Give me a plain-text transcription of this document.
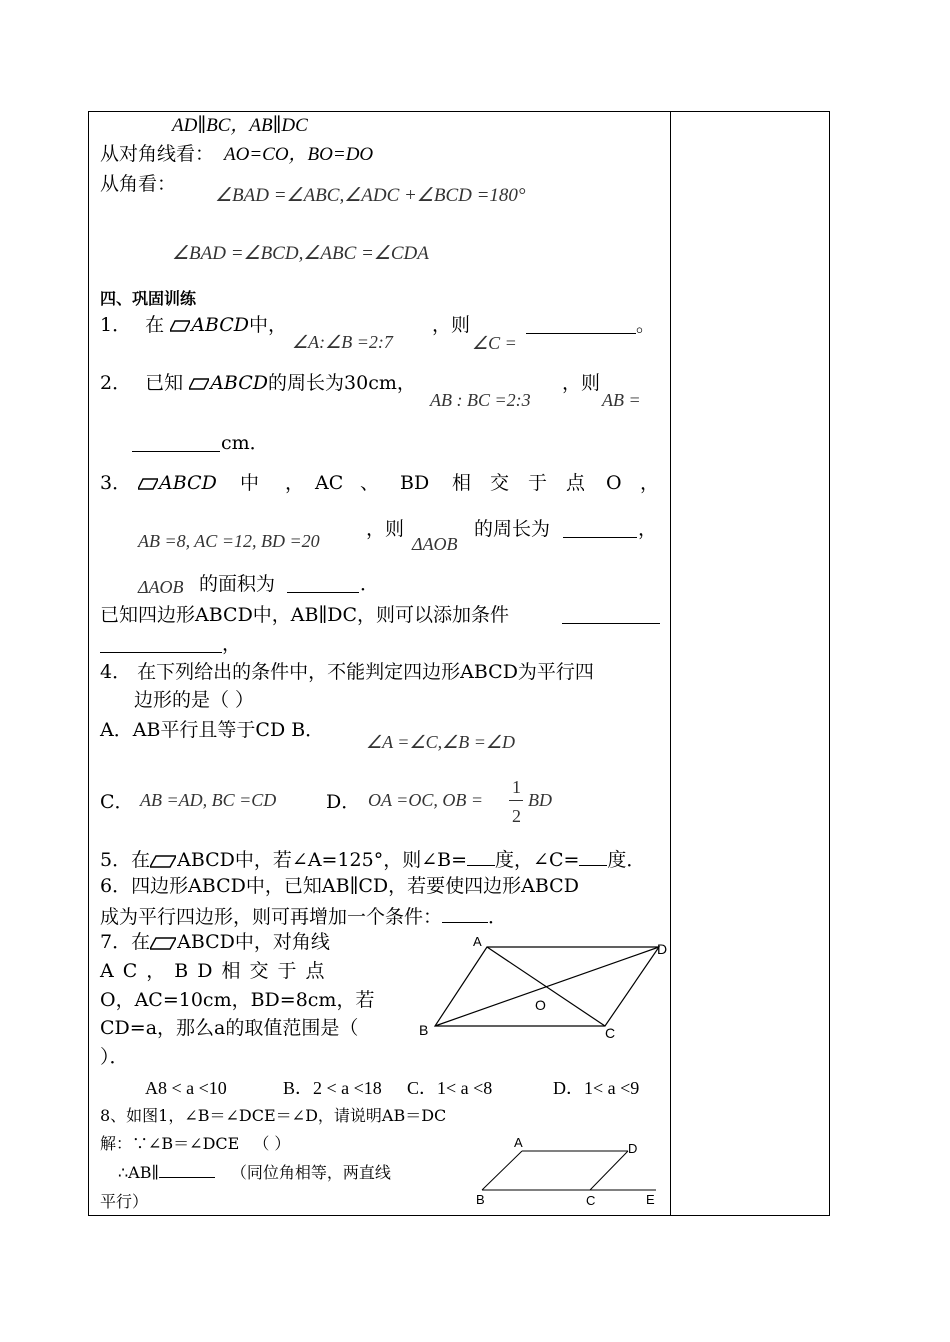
AD∥BC，AB∥DC
从对角线看： AO=CO，BO=DO
从角看：
∠BAD =∠ABC,∠ADC +∠BCD =180°
∠BAD =∠BCD,∠ABC =∠CDA
四、巩固训练
1． 在 ABCD中，
∠A:∠B =2:7
，则
∠C =
。
2． 已知 ABCD的周长为30cm，
AB : BC =2:3
，则
AB =
cm．
3．	ABCD 中 ， AC 、 BD 相 交 于 点 O ，
AB =8, AC =12, BD =20
，则
ΔAOB
的周长为	，
ΔAOB 的面积为	．
已知四边形ABCD中，AB∥DC，则可以添加条件
，
4． 在下列给出的条件中，不能判定四边形ABCD为平行四
边形的是（ ）
A．AB平行且等于CD B．
∠A =∠C,∠B =∠D
C． AB =AD, BC =CD	D． OA =OC, OB =
1
2
BD
5．在 ABCD中，若∠A=125°，则∠B= 度，∠C= 度．
6．四边形ABCD中，已知AB∥CD，若要使四边形ABCD
成为平行四边形，则可再增加一个条件： ．
7．在 ABCD中，对角线
AC，BD相交于点
O，AC=10cm，BD=8cm，若
CD=a，那么a的取值范围是（
）．
A	D
O
B	C
A8 < a <10	B．2 < a <18 C．1< a <8	D．1< a <9
8、如图1，∠B＝∠DCE＝∠D，请说明AB＝DC
解：∵∠B＝∠DCE （ ）
∴AB∥	（同位角相等，两直线
平行）
A	D
B	C	E
